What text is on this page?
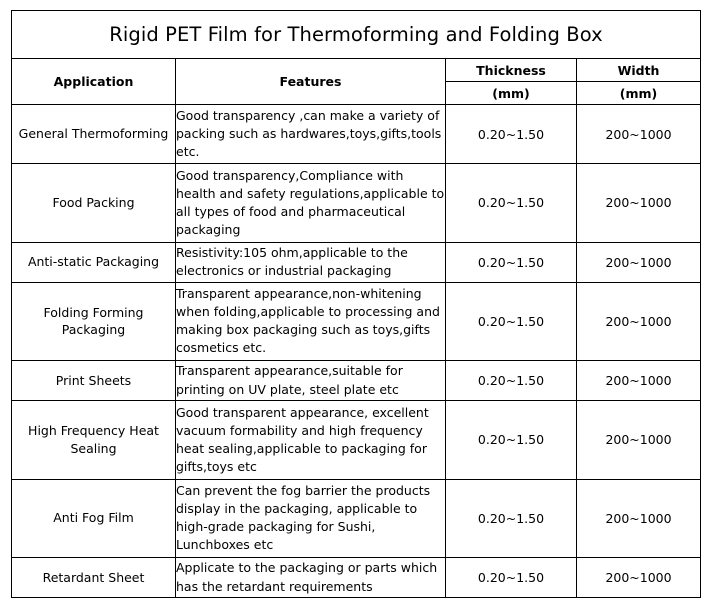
Rigid PET Film for Thermoforming and Folding Box			
Application	Features	Thickness	Width
		(mm)	(mm)
General Thermoforming	Good transparency ,can make a variety of packing such as hardwares,toys,gifts,tools etc.	0.20~1.50	200~1000
Food Packing	Good transparency,Compliance with health and safety regulations,applicable to all types of food and pharmaceutical packaging	0.20~1.50	200~1000
Anti-static Packaging	Resistivity:105 ohm,applicable to the electronics or industrial packaging	0.20~1.50	200~1000
Folding Forming Packaging	Transparent appearance,non-whitening when folding,applicable to processing and making box packaging such as toys,gifts cosmetics etc.	0.20~1.50	200~1000
Print Sheets	Transparent appearance,suitable for printing on UV plate, steel plate etc	0.20~1.50	200~1000
High Frequency Heat Sealing	Good transparent appearance, excellent vacuum formability and high frequency heat sealing,applicable to packaging for gifts,toys etc	0.20~1.50	200~1000
Anti Fog Film	Can prevent the fog barrier the products display in the packaging, applicable to high-grade packaging for Sushi, Lunchboxes etc	0.20~1.50	200~1000
Retardant Sheet	Applicate to the packaging or parts which has the retardant requirements	0.20~1.50	200~1000
